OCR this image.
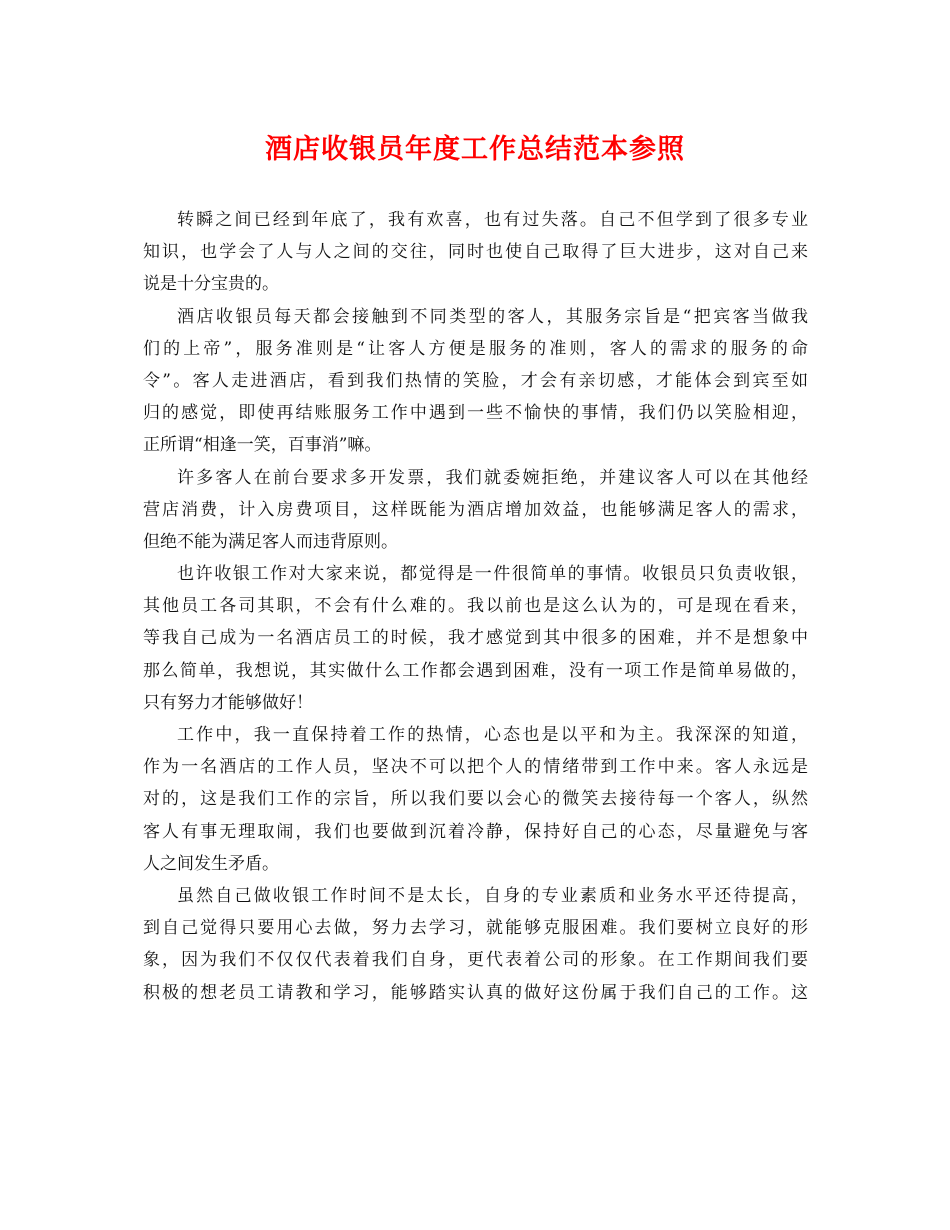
酒店收银员年度工作总结范本参照
转瞬之间已经到年底了，我有欢喜，也有过失落。自己不但学到了很多专业
知识，也学会了人与人之间的交往，同时也使自己取得了巨大进步，这对自己来
说是十分宝贵的。
酒店收银员每天都会接触到不同类型的客人，其服务宗旨是“把宾客当做我
们的上帝”，服务准则是“让客人方便是服务的准则，客人的需求的服务的命
令”。客人走进酒店，看到我们热情的笑脸，才会有亲切感，才能体会到宾至如
归的感觉，即使再结账服务工作中遇到一些不愉快的事情，我们仍以笑脸相迎，
正所谓“相逢一笑，百事消”嘛。
许多客人在前台要求多开发票，我们就委婉拒绝，并建议客人可以在其他经
营店消费，计入房费项目，这样既能为酒店增加效益，也能够满足客人的需求，
但绝不能为满足客人而违背原则。
也许收银工作对大家来说，都觉得是一件很简单的事情。收银员只负责收银，
其他员工各司其职，不会有什么难的。我以前也是这么认为的，可是现在看来，
等我自己成为一名酒店员工的时候，我才感觉到其中很多的困难，并不是想象中
那么简单，我想说，其实做什么工作都会遇到困难，没有一项工作是简单易做的，
只有努力才能够做好！
工作中，我一直保持着工作的热情，心态也是以平和为主。我深深的知道，
作为一名酒店的工作人员，坚决不可以把个人的情绪带到工作中来。客人永远是
对的，这是我们工作的宗旨，所以我们要以会心的微笑去接待每一个客人，纵然
客人有事无理取闹，我们也要做到沉着冷静，保持好自己的心态，尽量避免与客
人之间发生矛盾。
虽然自己做收银工作时间不是太长，自身的专业素质和业务水平还待提高，
到自己觉得只要用心去做，努力去学习，就能够克服困难。我们要树立良好的形
象，因为我们不仅仅代表着我们自身，更代表着公司的形象。在工作期间我们要
积极的想老员工请教和学习，能够踏实认真的做好这份属于我们自己的工作。这
